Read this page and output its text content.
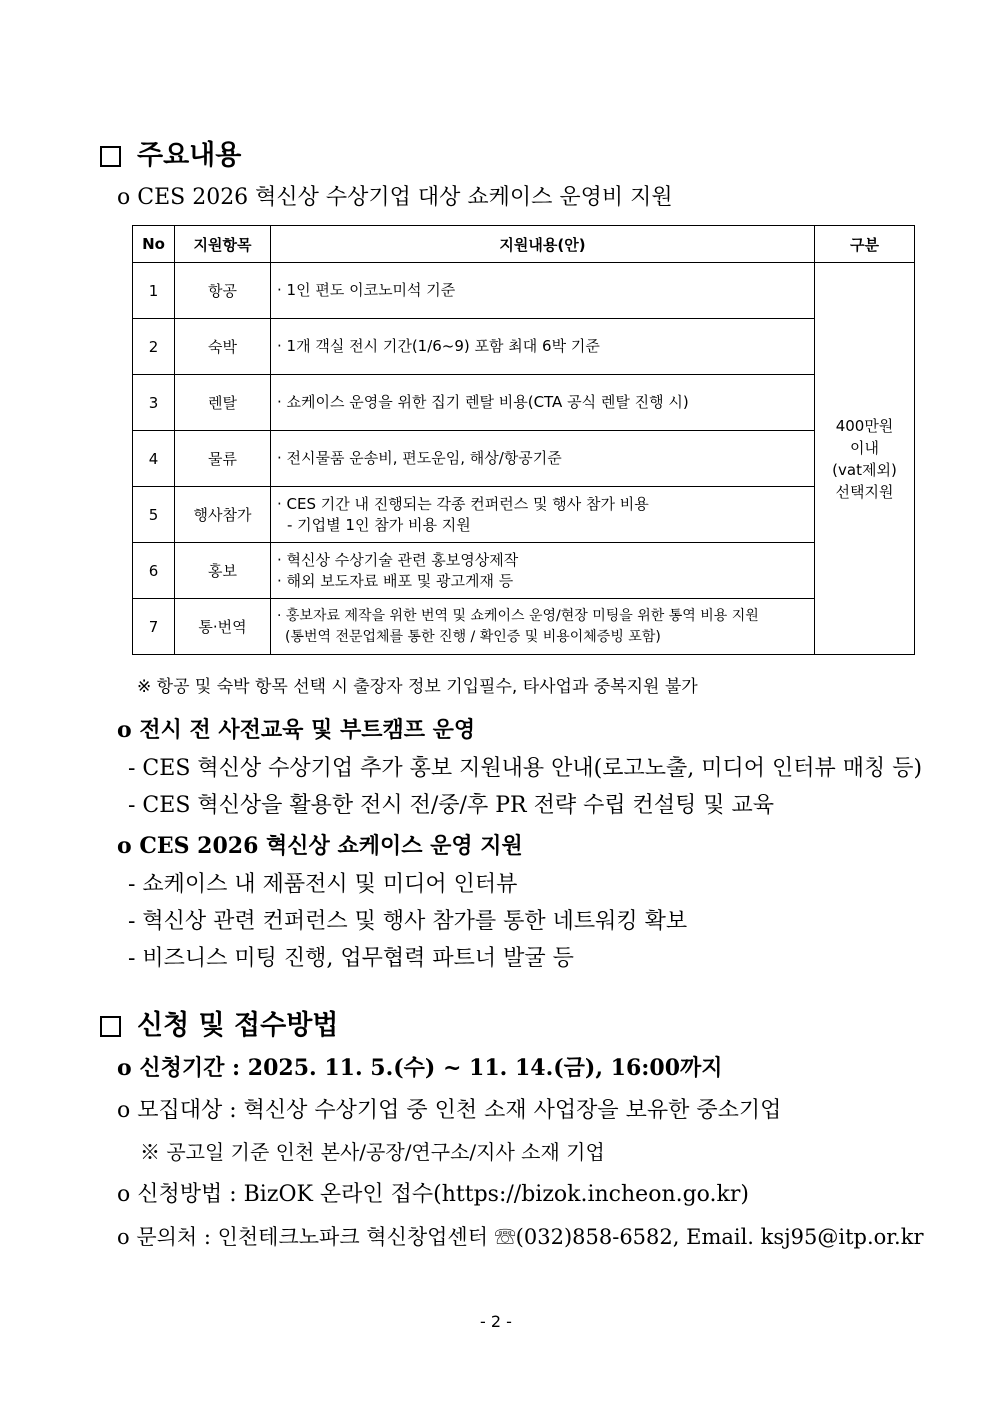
주요내용
o CES 2026 혁신상 수상기업 대상 쇼케이스 운영비 지원
No	지원항목	지원내용(안)	구분
1	항공	· 1인 편도 이코노미석 기준	400만원
이내
(vat제외)
선택지원

2	숙박	· 1개 객실 전시 기간(1/6~9) 포함 최대 6박 기준	
3	렌탈	· 쇼케이스 운영을 위한 집기 렌탈 비용(CTA 공식 렌탈 진행 시)	
4	물류	· 전시물품 운송비, 편도운임, 해상/항공기준	
5	행사참가	· CES 기간 내 진행되는 각종 컨퍼런스 및 행사 참가 비용
- 기업별 1인 참가 비용 지원	

6	홍보	· 혁신상 수상기술 관련 홍보영상제작
· 해외 보도자료 배포 및 광고게재 등	

7	통·번역	· 홍보자료 제작을 위한 번역 및 쇼케이스 운영/현장 미팅을 위한 통역 비용 지원
(통번역 전문업체를 통한 진행 / 확인증 및 비용이체증빙 포함)	
※ 항공 및 숙박 항목 선택 시 출장자 정보 기입필수, 타사업과 중복지원 불가
o 전시 전 사전교육 및 부트캠프 운영
- CES 혁신상 수상기업 추가 홍보 지원내용 안내(로고노출, 미디어 인터뷰 매칭 등)
- CES 혁신상을 활용한 전시 전/중/후 PR 전략 수립 컨설팅 및 교육
o CES 2026 혁신상 쇼케이스 운영 지원
- 쇼케이스 내 제품전시 및 미디어 인터뷰
- 혁신상 관련 컨퍼런스 및 행사 참가를 통한 네트워킹 확보
- 비즈니스 미팅 진행, 업무협력 파트너 발굴 등
신청 및 접수방법
o 신청기간 : 2025. 11. 5.(수) ~ 11. 14.(금), 16:00까지
o 모집대상 : 혁신상 수상기업 중 인천 소재 사업장을 보유한 중소기업
※ 공고일 기준 인천 본사/공장/연구소/지사 소재 기업
o 신청방법 : BizOK 온라인 접수(https://bizok.incheon.go.kr)
o 문의처 : 인천테크노파크 혁신창업센터 ☏(032)858-6582, Email. ksj95@itp.or.kr
- 2 -
